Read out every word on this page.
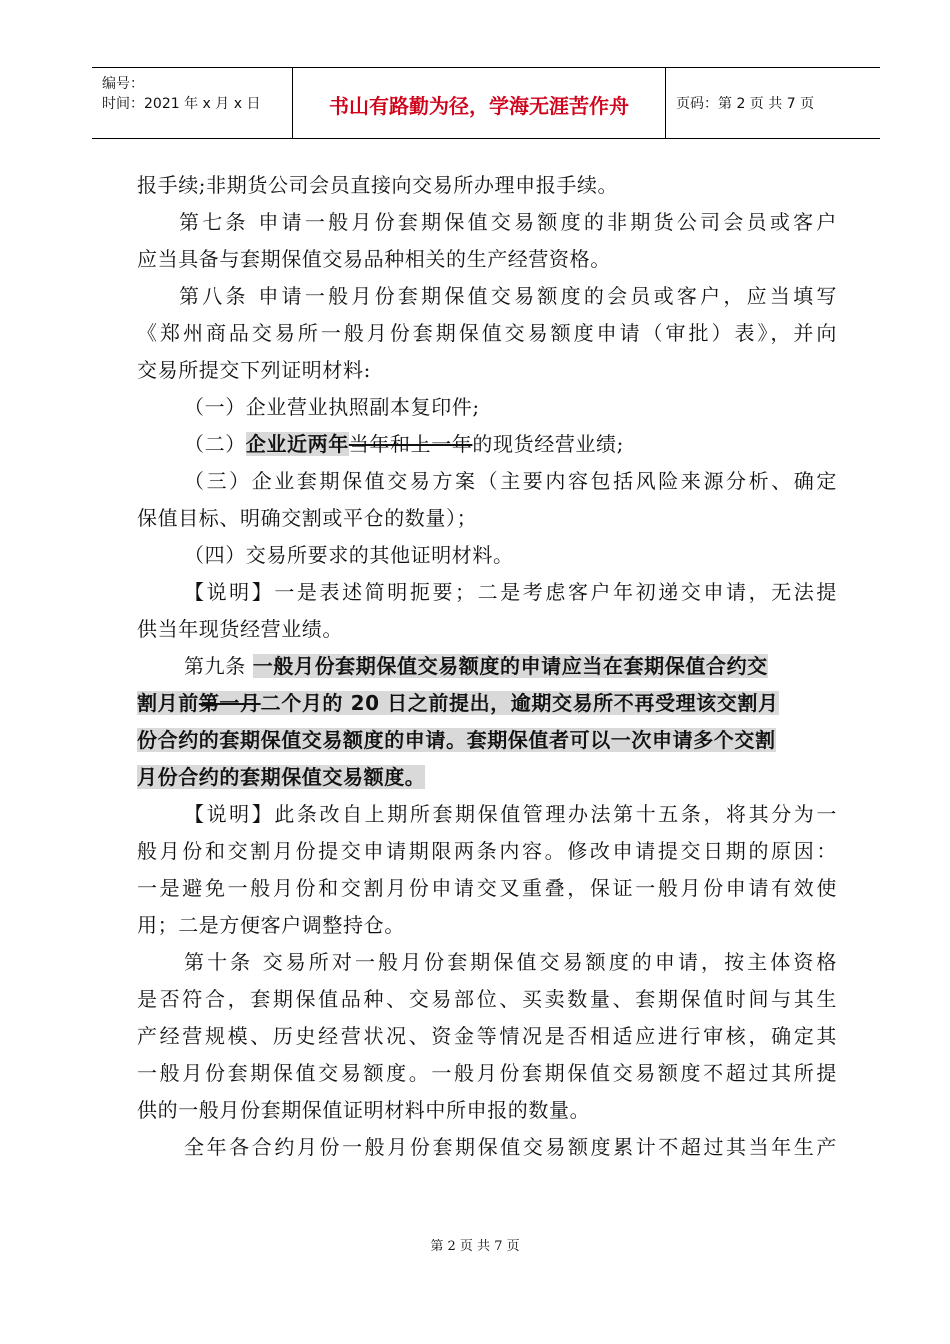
编号：
时间：2021 年 x 月 x 日	书山有路勤为径，学海无涯苦作舟	页码：第 2 页 共 7 页
报手续;非期货公司会员直接向交易所办理申报手续。
第七条 申请一般月份套期保值交易额度的非期货公司会员或客户
应当具备与套期保值交易品种相关的生产经营资格。
第八条 申请一般月份套期保值交易额度的会员或客户，应当填写
《郑州商品交易所一般月份套期保值交易额度申请（审批）表》，并向
交易所提交下列证明材料:
（一）企业营业执照副本复印件;
（二）企业近两年当年和上一年的现货经营业绩;
（三）企业套期保值交易方案（主要内容包括风险来源分析、确定
保值目标、明确交割或平仓的数量）；
（四）交易所要求的其他证明材料。
【说明】一是表述简明扼要；二是考虑客户年初递交申请，无法提
供当年现货经营业绩。
第九条 一般月份套期保值交易额度的申请应当在套期保值合约交
割月前第一月二个月的 20 日之前提出，逾期交易所不再受理该交割月
份合约的套期保值交易额度的申请。套期保值者可以一次申请多个交割
月份合约的套期保值交易额度。
【说明】此条改自上期所套期保值管理办法第十五条，将其分为一
般月份和交割月份提交申请期限两条内容。修改申请提交日期的原因：
一是避免一般月份和交割月份申请交叉重叠，保证一般月份申请有效使
用；二是方便客户调整持仓。
第十条 交易所对一般月份套期保值交易额度的申请，按主体资格
是否符合，套期保值品种、交易部位、买卖数量、套期保值时间与其生
产经营规模、历史经营状况、资金等情况是否相适应进行审核，确定其
一般月份套期保值交易额度。一般月份套期保值交易额度不超过其所提
供的一般月份套期保值证明材料中所申报的数量。
全年各合约月份一般月份套期保值交易额度累计不超过其当年生产
第 2 页 共 7 页
